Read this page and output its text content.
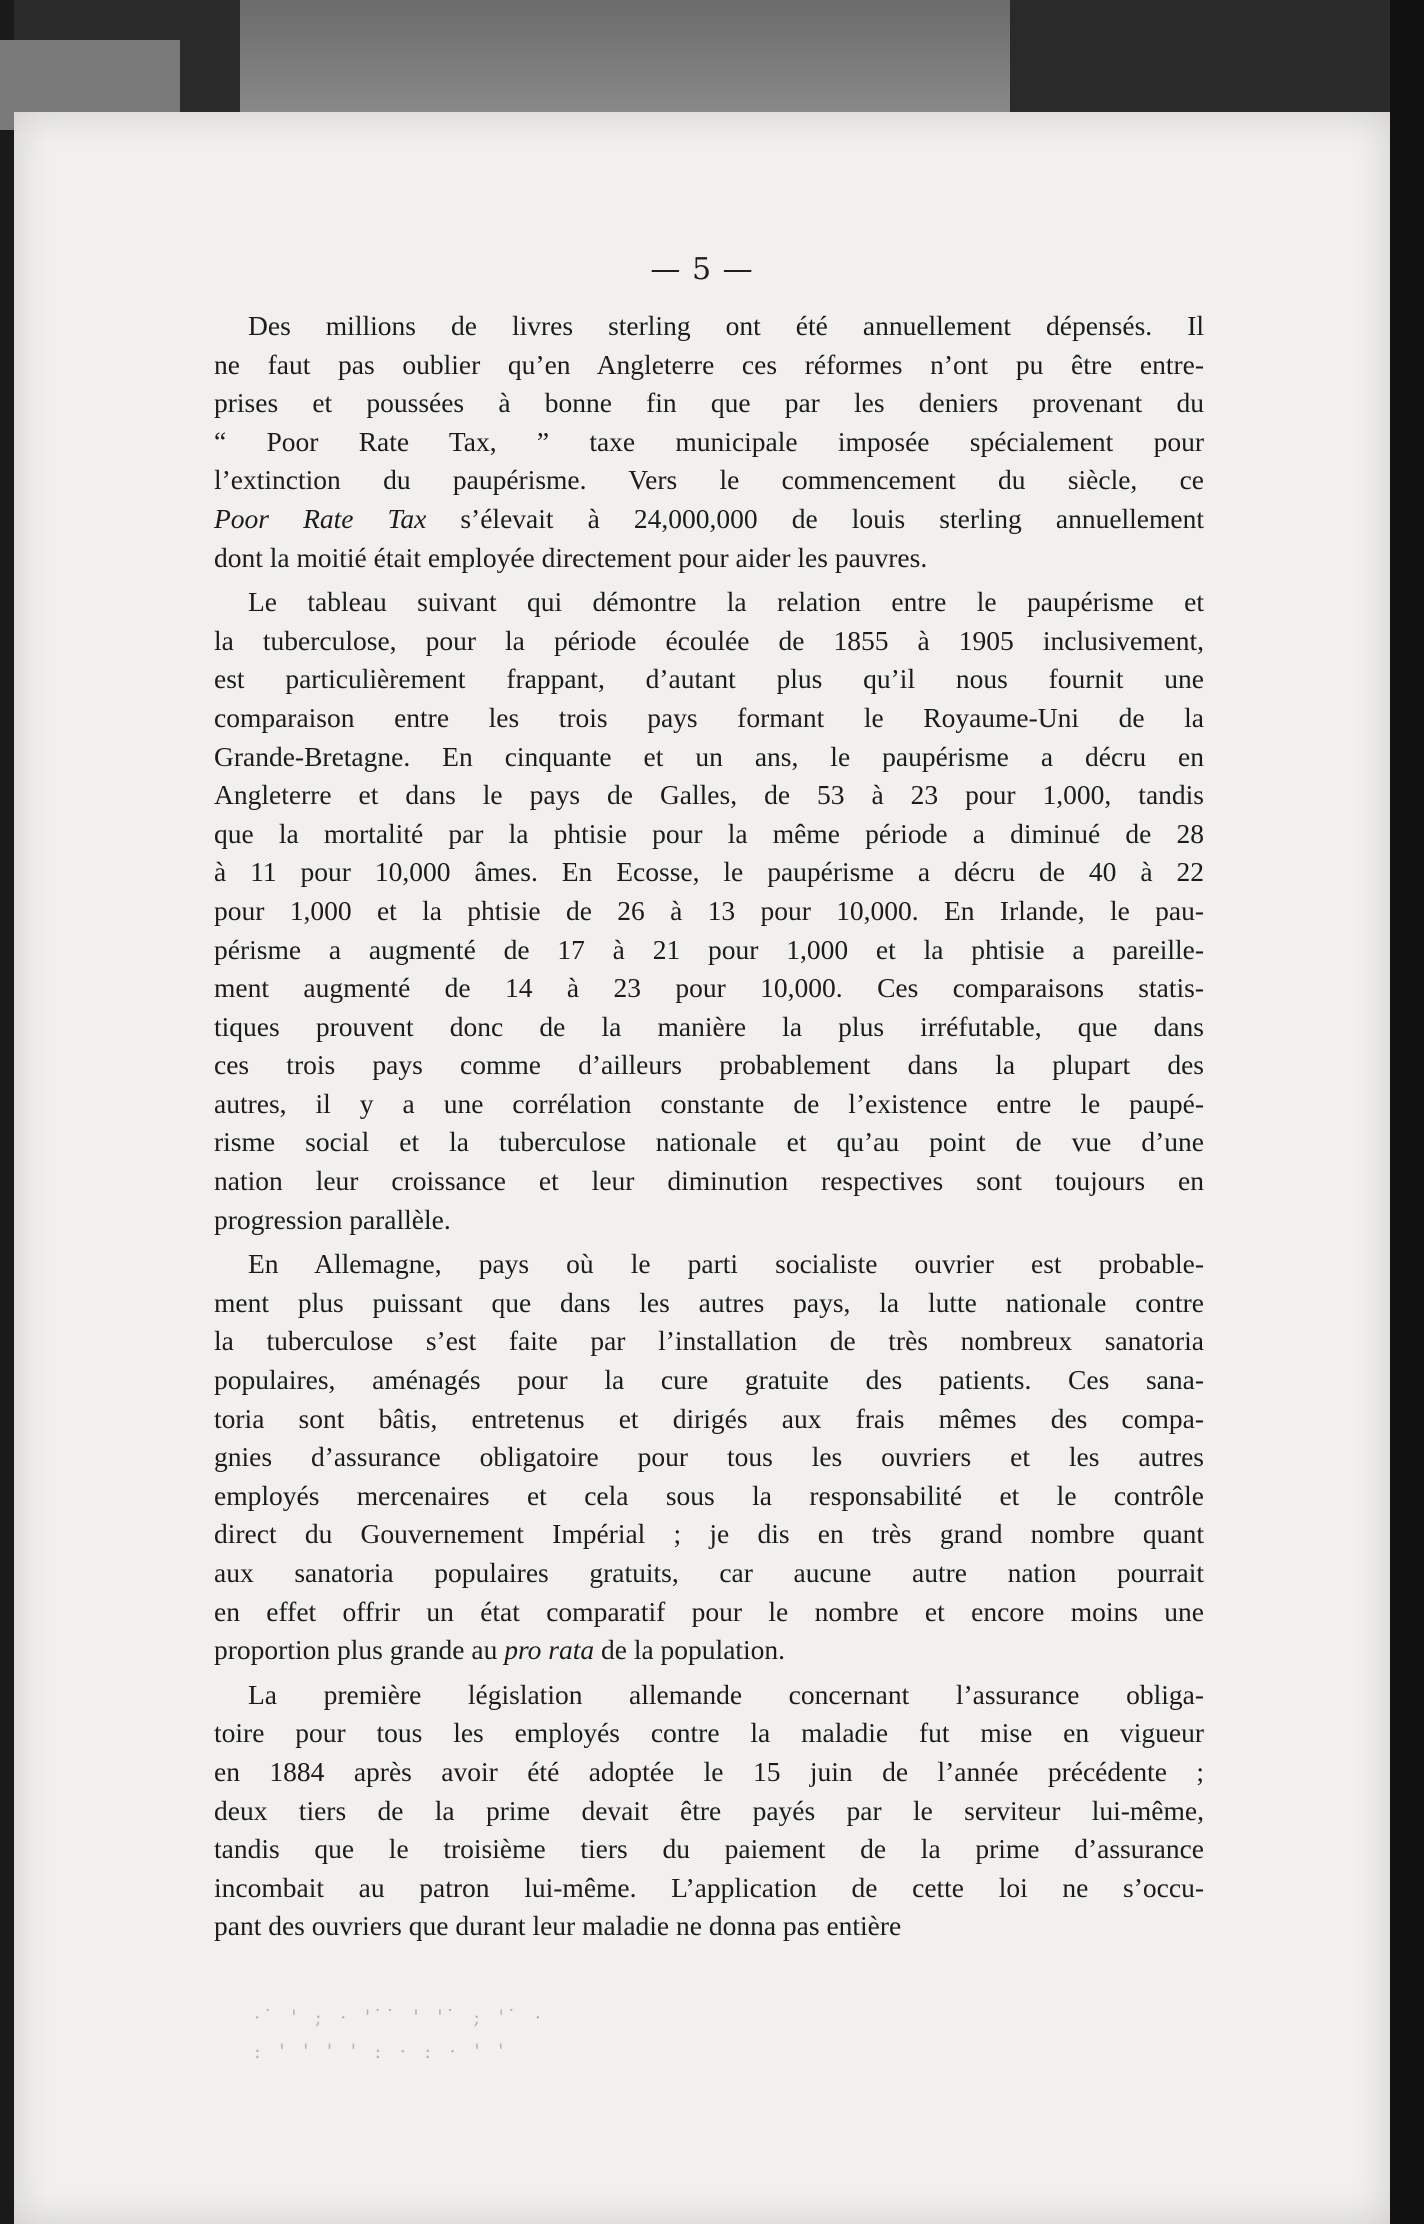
— 5 —
Des millions de livres sterling ont été annuellement dépensés. Il
ne faut pas oublier qu’en Angleterre ces réformes n’ont pu être entre-
prises et poussées à bonne fin que par les deniers provenant du
“ Poor Rate Tax, ” taxe municipale imposée spécialement pour
l’extinction du paupérisme. Vers le commencement du siècle, ce
Poor Rate Tax s’élevait à 24,000,000 de louis sterling annuellement
dont la moitié était employée directement pour aider les pauvres.
Le tableau suivant qui démontre la relation entre le paupérisme et
la tuberculose, pour la période écoulée de 1855 à 1905 inclusivement,
est particulièrement frappant, d’autant plus qu’il nous fournit une
comparaison entre les trois pays formant le Royaume-Uni de la
Grande-Bretagne. En cinquante et un ans, le paupérisme a décru en
Angleterre et dans le pays de Galles, de 53 à 23 pour 1,000, tandis
que la mortalité par la phtisie pour la même période a diminué de 28
à 11 pour 10,000 âmes. En Ecosse, le paupérisme a décru de 40 à 22
pour 1,000 et la phtisie de 26 à 13 pour 10,000. En Irlande, le pau-
périsme a augmenté de 17 à 21 pour 1,000 et la phtisie a pareille-
ment augmenté de 14 à 23 pour 10,000. Ces comparaisons statis-
tiques prouvent donc de la manière la plus irréfutable, que dans
ces trois pays comme d’ailleurs probablement dans la plupart des
autres, il y a une corrélation constante de l’existence entre le paupé-
risme social et la tuberculose nationale et qu’au point de vue d’une
nation leur croissance et leur diminution respectives sont toujours en
progression parallèle.
En Allemagne, pays où le parti socialiste ouvrier est probable-
ment plus puissant que dans les autres pays, la lutte nationale contre
la tuberculose s’est faite par l’installation de très nombreux sanatoria
populaires, aménagés pour la cure gratuite des patients. Ces sana-
toria sont bâtis, entretenus et dirigés aux frais mêmes des compa-
gnies d’assurance obligatoire pour tous les ouvriers et les autres
employés mercenaires et cela sous la responsabilité et le contrôle
direct du Gouvernement Impérial ; je dis en très grand nombre quant
aux sanatoria populaires gratuits, car aucune autre nation pourrait
en effet offrir un état comparatif pour le nombre et encore moins une
proportion plus grande au pro rata de la population.
La première législation allemande concernant l’assurance obliga-
toire pour tous les employés contre la maladie fut mise en vigueur
en 1884 après avoir été adoptée le 15 juin de l’année précédente ;
deux tiers de la prime devait être payés par le serviteur lui-même,
tandis que le troisième tiers du paiement de la prime d’assurance
incombait au patron lui-même. L’application de cette loi ne s’occu-
pant des ouvriers que durant leur maladie ne donna pas entière
· ̇ ' ; · ' ̇ ̇ ' ' ̇ ; ' ̇ ·
: ' ' ' ' : · : · ' '
